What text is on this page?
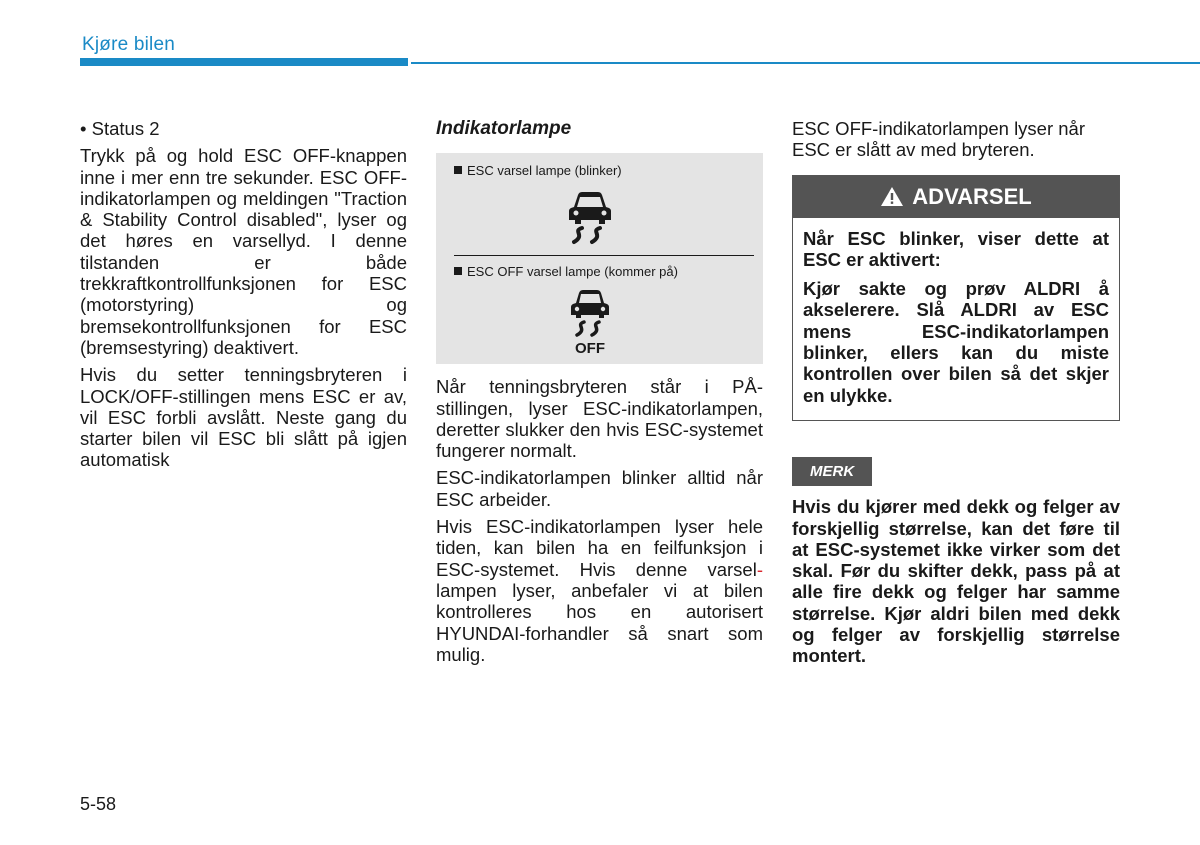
Kjøre bilen

• Status 2

Trykk på og hold ESC OFF-knappen inne i mer enn tre sekunder. ESC OFF-indikatorlampen og meldingen "Traction & Stability Control disabled", lyser og det høres en varsellyd. I denne tilstanden er både trekkraftkontrollfunksjonen for ESC (motorstyring) og bremsekontrollfunksjonen for ESC (bremsestyring) deaktivert.

Hvis du setter tenningsbryteren i LOCK/OFF-stillingen mens ESC er av, vil ESC forbli avslått. Neste gang du starter bilen vil ESC bli slått på igjen automatisk

Indikatorlampe
ESC varsel lampe (blinker)
ESC OFF varsel lampe (kommer på)
OFF

Når tenningsbryteren står i PÅ-stillingen, lyser ESC-indikatorlampen, deretter slukker den hvis ESC-systemet fungerer normalt.

ESC-indikatorlampen blinker alltid når ESC arbeider.

Hvis ESC-indikatorlampen lyser hele tiden, kan bilen ha en feilfunksjon i ESC-systemet. Hvis denne varsel-lampen lyser, anbefaler vi at bilen kontrolleres hos en autorisert HYUNDAI-forhandler så snart som mulig.

ESC OFF-indikatorlampen lyser når ESC er slått av med bryteren.

ADVARSEL

Når ESC blinker, viser dette at ESC er aktivert:

Kjør sakte og prøv ALDRI å akselerere. Slå ALDRI av ESC mens ESC-indikatorlampen blinker, ellers kan du miste kontrollen over bilen så det skjer en ulykke.

MERK

Hvis du kjører med dekk og felger av forskjellig størrelse, kan det føre til at ESC-systemet ikke virker som det skal. Før du skifter dekk, pass på at alle fire dekk og felger har samme størrelse. Kjør aldri bilen med dekk og felger av forskjellig størrelse montert.

5-58
